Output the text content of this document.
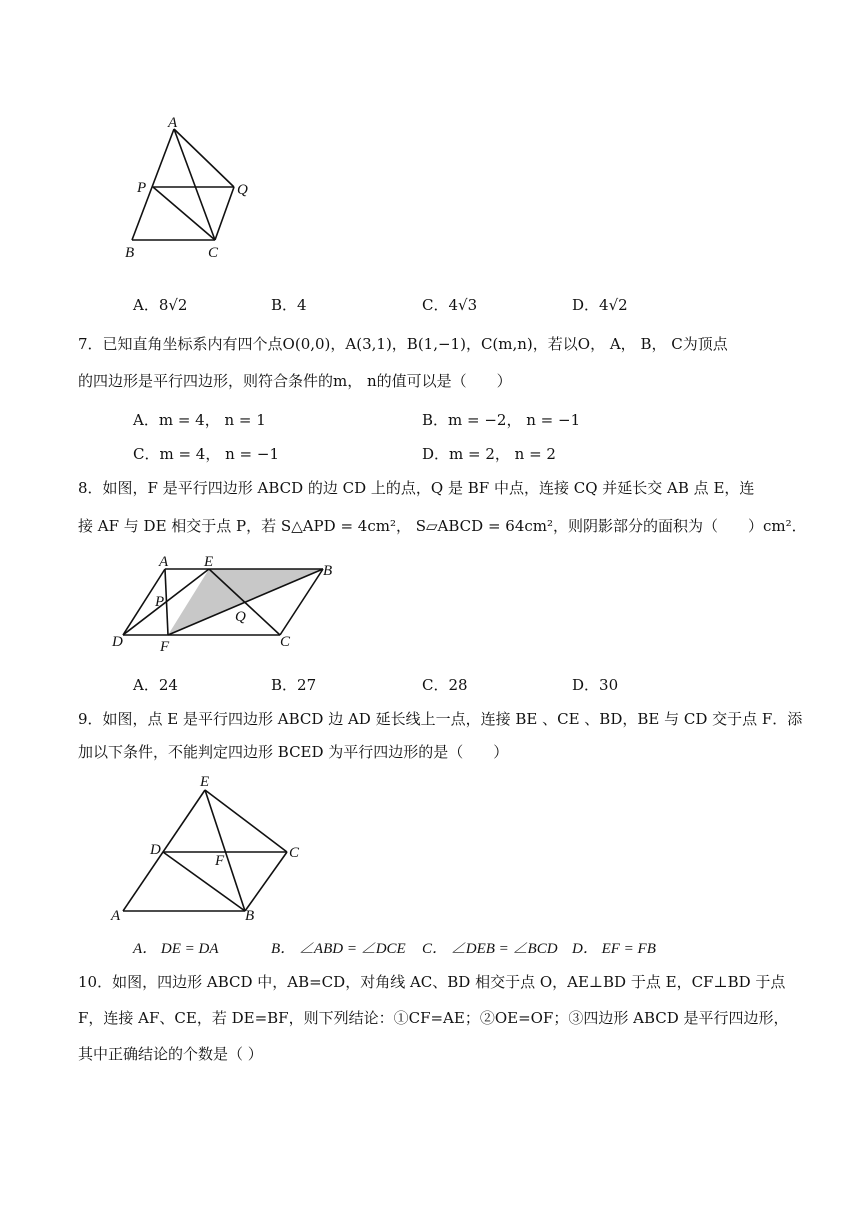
A
P	Q
B	C
A．8√2	B．4	C．4√3	D．4√2
7．已知直角坐标系内有四个点O(0,0)，A(3,1)，B(1,−1)，C(m,n)，若以O， A， B， C为顶点
的四边形是平行四边形，则符合条件的m， n的值可以是（　　）
A．m = 4， n = 1	B．m = −2， n = −1
C．m = 4， n = −1	D．m = 2， n = 2
8．如图，F 是平行四边形 ABCD 的边 CD 上的点，Q 是 BF 中点，连接 CQ 并延长交 AB 点 E，连
接 AF 与 DE 相交于点 P，若 S△APD = 4cm²， S▱ABCD = 64cm²，则阴影部分的面积为（　　）cm²．
A E
B
P
Q
D F	C
A．24	B．27	C．28	D．30
9．如图，点 E 是平行四边形 ABCD 边 AD 延长线上一点，连接 BE 、CE 、BD，BE 与 CD 交于点 F．添
加以下条件，不能判定四边形 BCED 为平行四边形的是（　　）
E
D
F	C
A	B
A． DE = DA	B． ∠ABD = ∠DCE C． ∠DEB = ∠BCD D． EF = FB
10．如图，四边形 ABCD 中，AB=CD，对角线 AC、BD 相交于点 O，AE⊥BD 于点 E，CF⊥BD 于点
F，连接 AF、CE，若 DE=BF，则下列结论：①CF=AE；②OE=OF；③四边形 ABCD 是平行四边形，
其中正确结论的个数是（ ）
